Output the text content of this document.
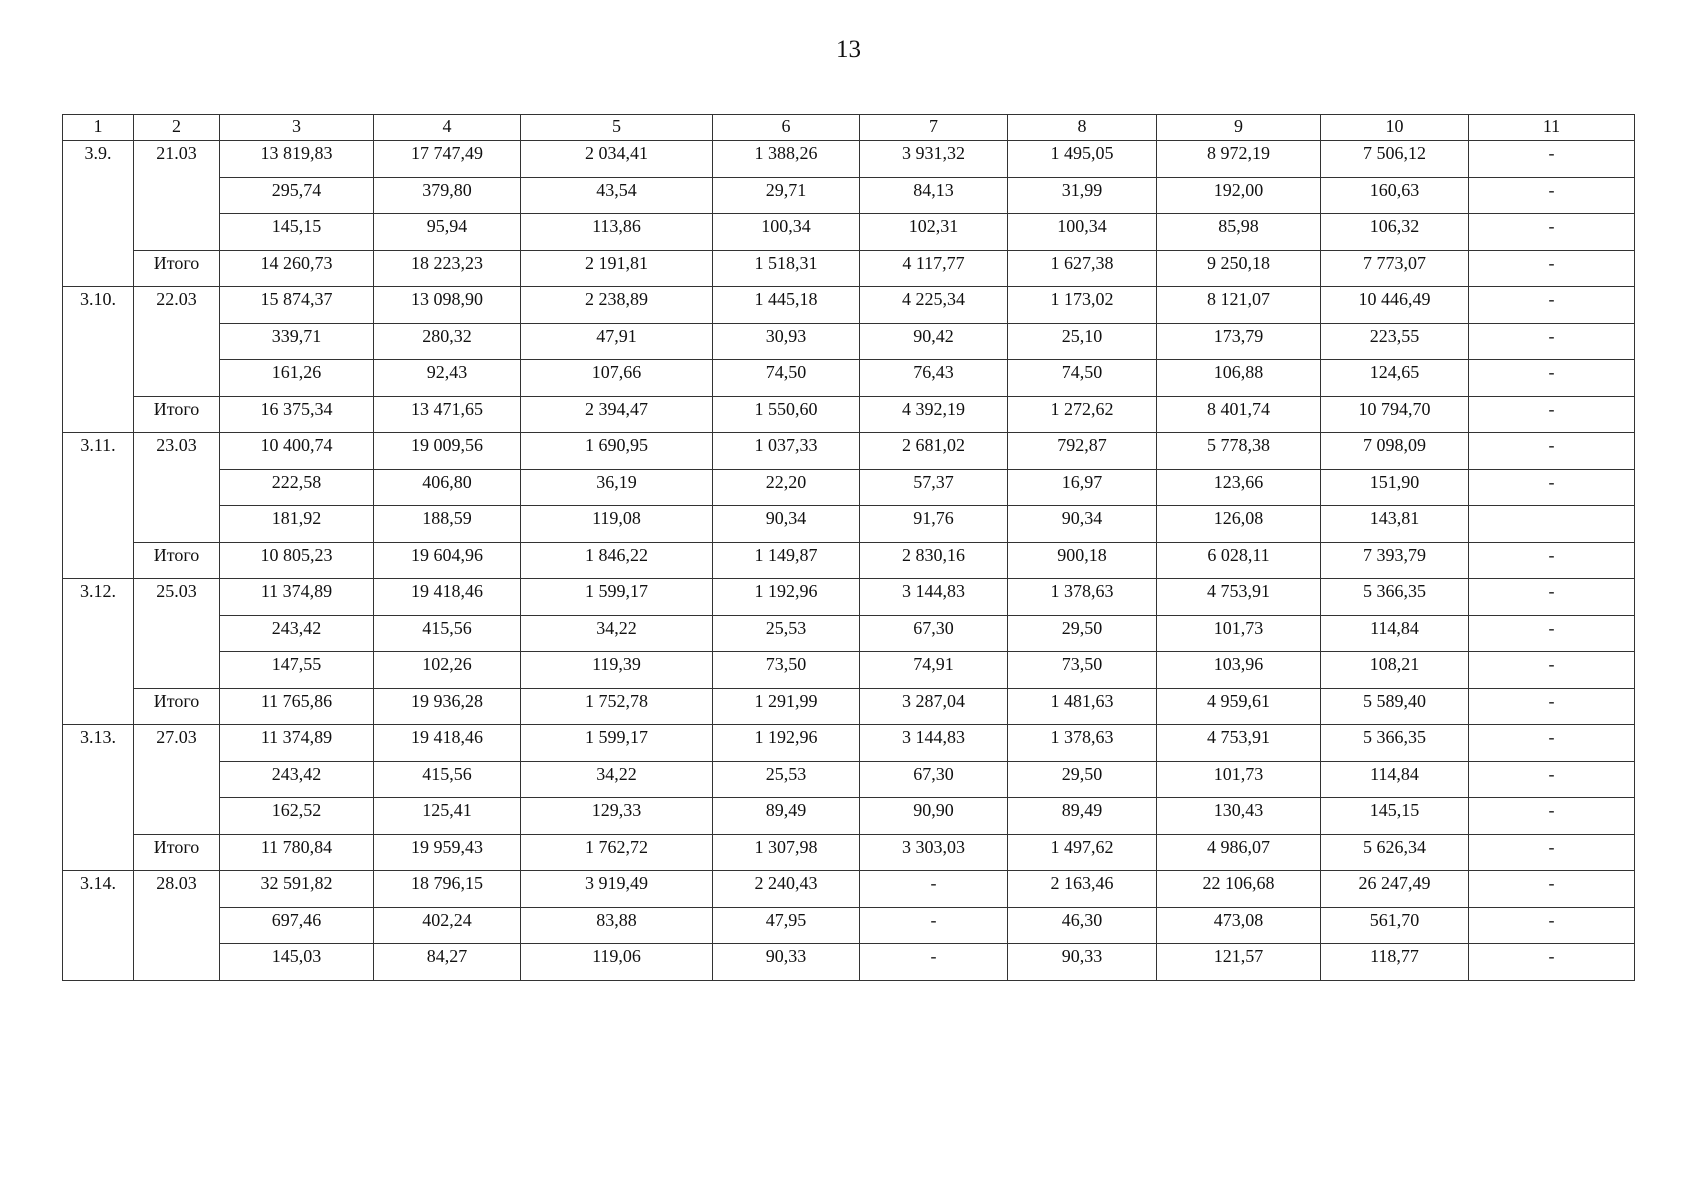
13
1	2	3	4	5	6	7	8	9	10	11
3.9.	21.03	13 819,83	17 747,49	2 034,41	1 388,26	3 931,32	1 495,05	8 972,19	7 506,12	-
		295,74	379,80	43,54	29,71	84,13	31,99	192,00	160,63	-
		145,15	95,94	113,86	100,34	102,31	100,34	85,98	106,32	-
	Итого	14 260,73	18 223,23	2 191,81	1 518,31	4 117,77	1 627,38	9 250,18	7 773,07	-
3.10.	22.03	15 874,37	13 098,90	2 238,89	1 445,18	4 225,34	1 173,02	8 121,07	10 446,49	-
		339,71	280,32	47,91	30,93	90,42	25,10	173,79	223,55	-
		161,26	92,43	107,66	74,50	76,43	74,50	106,88	124,65	-
	Итого	16 375,34	13 471,65	2 394,47	1 550,60	4 392,19	1 272,62	8 401,74	10 794,70	-
3.11.	23.03	10 400,74	19 009,56	1 690,95	1 037,33	2 681,02	792,87	5 778,38	7 098,09	-
		222,58	406,80	36,19	22,20	57,37	16,97	123,66	151,90	-
		181,92	188,59	119,08	90,34	91,76	90,34	126,08	143,81	
	Итого	10 805,23	19 604,96	1 846,22	1 149,87	2 830,16	900,18	6 028,11	7 393,79	-
3.12.	25.03	11 374,89	19 418,46	1 599,17	1 192,96	3 144,83	1 378,63	4 753,91	5 366,35	-
		243,42	415,56	34,22	25,53	67,30	29,50	101,73	114,84	-
		147,55	102,26	119,39	73,50	74,91	73,50	103,96	108,21	-
	Итого	11 765,86	19 936,28	1 752,78	1 291,99	3 287,04	1 481,63	4 959,61	5 589,40	-
3.13.	27.03	11 374,89	19 418,46	1 599,17	1 192,96	3 144,83	1 378,63	4 753,91	5 366,35	-
		243,42	415,56	34,22	25,53	67,30	29,50	101,73	114,84	-
		162,52	125,41	129,33	89,49	90,90	89,49	130,43	145,15	-
	Итого	11 780,84	19 959,43	1 762,72	1 307,98	3 303,03	1 497,62	4 986,07	5 626,34	-
3.14.	28.03	32 591,82	18 796,15	3 919,49	2 240,43	-	2 163,46	22 106,68	26 247,49	-
		697,46	402,24	83,88	47,95	-	46,30	473,08	561,70	-
		145,03	84,27	119,06	90,33	-	90,33	121,57	118,77	-
